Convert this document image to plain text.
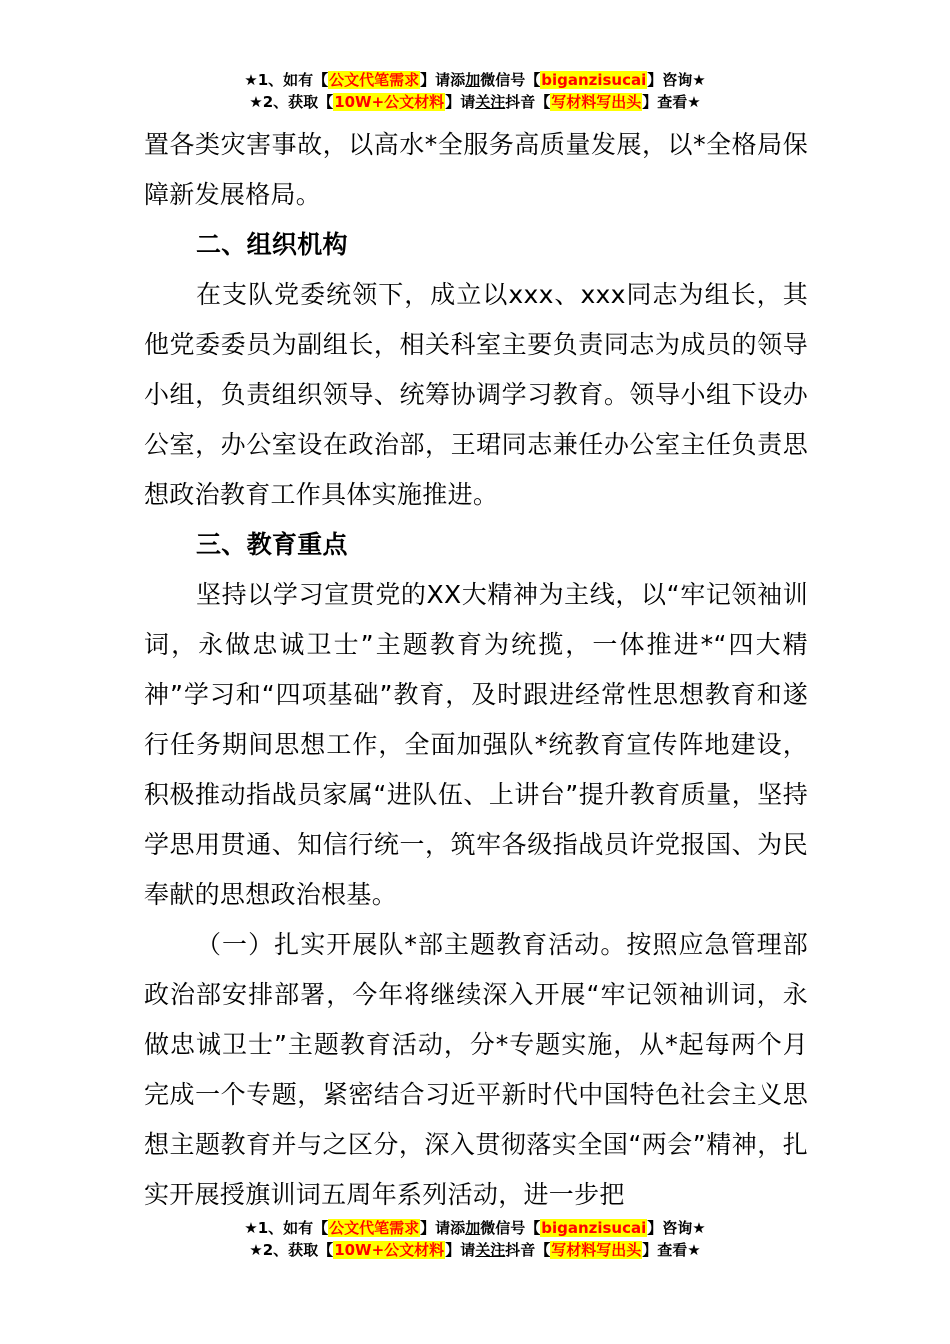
★1、如有【公文代笔需求】请添加微信号【biganzisucai】咨询★
★2、获取【10W+公文材料】请关注抖音【写材料写出头】查看★

置各类灾害事故，以高水*全服务高质量发展，以*全格局保障新发展格局。

二、组织机构

在支队党委统领下，成立以xxx、xxx同志为组长，其他党委委员为副组长，相关科室主要负责同志为成员的领导小组，负责组织领导、统筹协调学习教育。领导小组下设办公室，办公室设在政治部，王珺同志兼任办公室主任负责思想政治教育工作具体实施推进。

三、教育重点

坚持以学习宣贯党的XX大精神为主线，以“牢记领袖训词，永做忠诚卫士”主题教育为统揽，一体推进*“四大精神”学习和“四项基础”教育，及时跟进经常性思想教育和遂行任务期间思想工作，全面加强队*统教育宣传阵地建设，积极推动指战员家属“进队伍、上讲台”提升教育质量，坚持学思用贯通、知信行统一，筑牢各级指战员许党报国、为民奉献的思想政治根基。

（一）扎实开展队*部主题教育活动。按照应急管理部政治部安排部署，今年将继续深入开展“牢记领袖训词，永做忠诚卫士”主题教育活动，分*专题实施，从*起每两个月完成一个专题，紧密结合习近平新时代中国特色社会主义思想主题教育并与之区分，深入贯彻落实全国“两会”精神，扎实开展授旗训词五周年系列活动，进一步把

★1、如有【公文代笔需求】请添加微信号【biganzisucai】咨询★
★2、获取【10W+公文材料】请关注抖音【写材料写出头】查看★
